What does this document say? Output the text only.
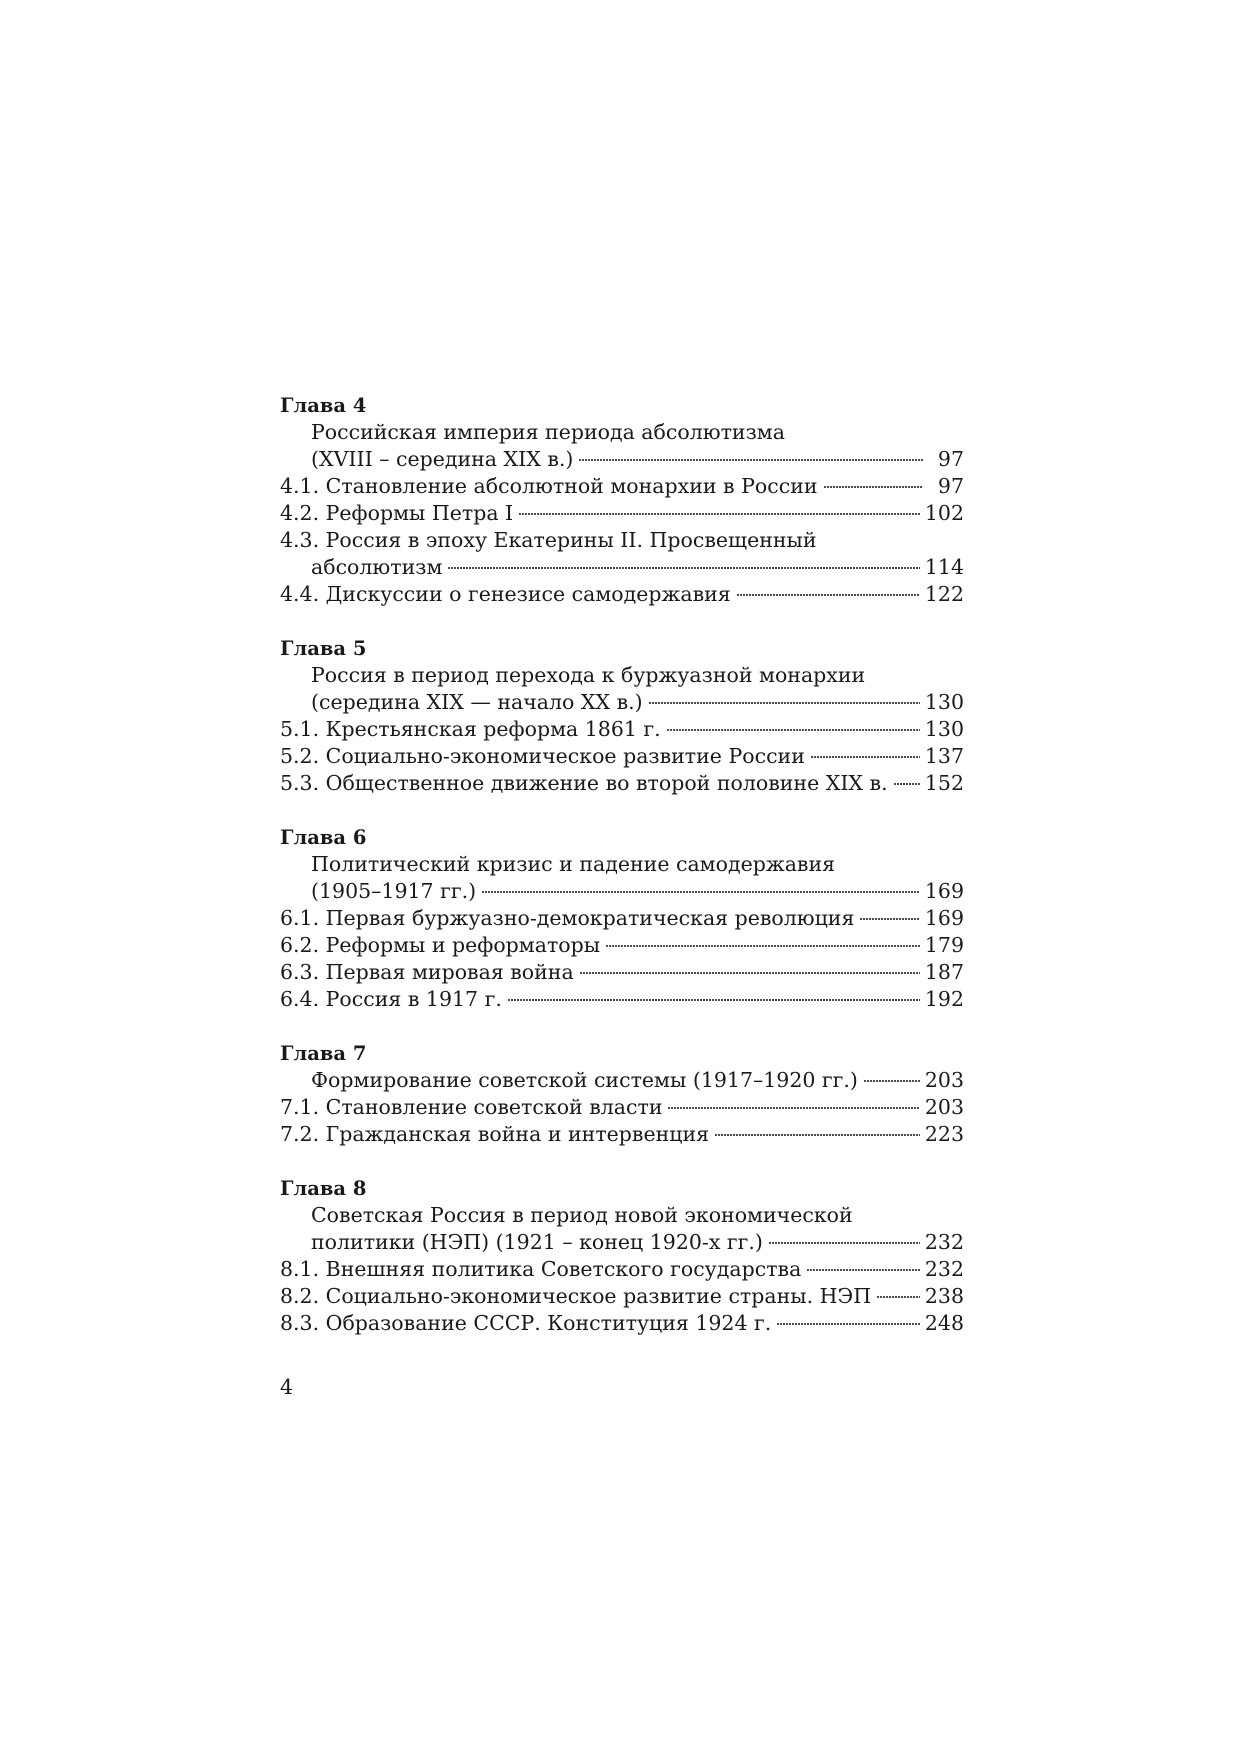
Глава 4
Российская империя периода абсолютизма
(XVIII – середина XIX в.)	97
4.1. Становление абсолютной монархии в России	97
4.2. Реформы Петра I	102
4.3. Россия в эпоху Екатерины II. Просвещенный
абсолютизм	114
4.4. Дискуссии о генезисе самодержавия	122
Глава 5
Россия в период перехода к буржуазной монархии
(середина XIX — начало XX в.)	130
5.1. Крестьянская реформа 1861 г.	130
5.2. Социально-экономическое развитие России	137
5.3. Общественное движение во второй половине XIX в. 152
Глава 6
Политический кризис и падение самодержавия
(1905–1917 гг.)	169
6.1. Первая буржуазно-демократическая революция	169
6.2. Реформы и реформаторы	179
6.3. Первая мировая война	187
6.4. Россия в 1917 г.	192
Глава 7
Формирование советской системы (1917–1920 гг.)	203
7.1. Становление советской власти	203
7.2. Гражданская война и интервенция	223
Глава 8
Советская Россия в период новой экономической
политики (НЭП) (1921 – конец 1920-х гг.)	232
8.1. Внешняя политика Советского государства	232
8.2. Социально-экономическое развитие страны. НЭП	238
8.3. Образование СССР. Конституция 1924 г.	248
4
